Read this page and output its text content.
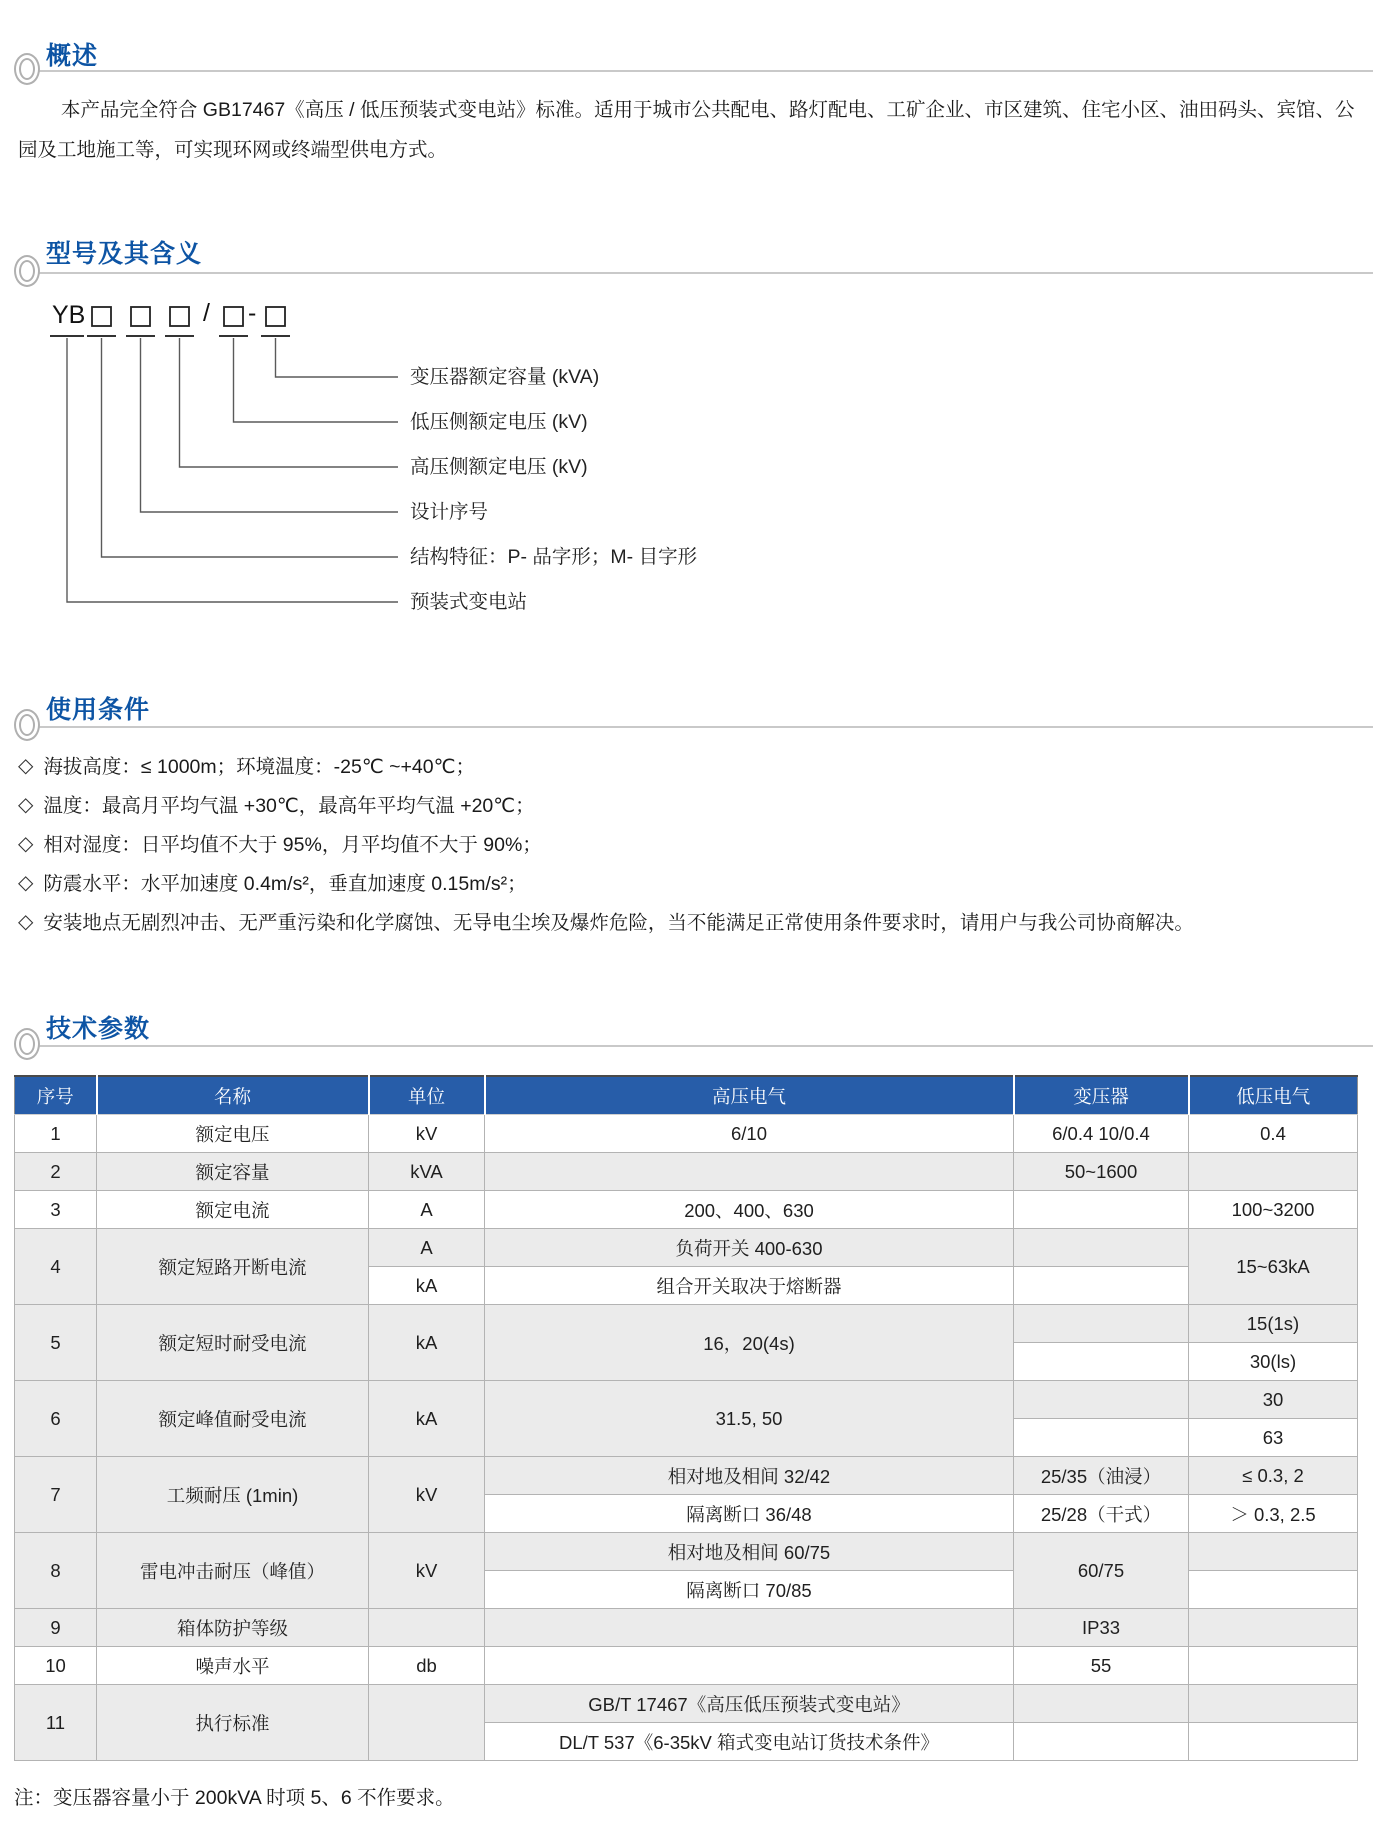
概述

本产品完全符合 GB17467《高压 / 低压预装式变电站》标准。适用于城市公共配电、路灯配电、工矿企业、市区建筑、住宅小区、油田码头、宾馆、公园及工地施工等，可实现环网或终端型供电方式。

型号及其含义
YB	/ -
变压器额定容量 (kVA)
低压侧额定电压 (kV)
高压侧额定电压 (kV)
设计序号
结构特征：P- 品字形；M- 目字形
预装式变电站
使用条件
◇ 海拔高度：≤ 1000m；环境温度：-25℃ ~+40℃；
◇ 温度：最高月平均气温 +30℃，最高年平均气温 +20℃；
◇ 相对湿度：日平均值不大于 95%，月平均值不大于 90%；
◇ 防震水平：水平加速度 0.4m/s²，垂直加速度 0.15m/s²；
◇ 安装地点无剧烈冲击、无严重污染和化学腐蚀、无导电尘埃及爆炸危险，当不能满足正常使用条件要求时，请用户与我公司协商解决。
技术参数
序号	名称	单位	高压电气	变压器	低压电气
1	额定电压	kV	6/10	6/0.4 10/0.4	0.4
2	额定容量	kVA		50~1600	
3	额定电流	A	200、400、630		100~3200
4	额定短路开断电流	A	负荷开关 400-630		15~63kA
		kA	组合开关取决于熔断器		
5	额定短时耐受电流	kA	16，20(4s)		15(1s)
					30(ls)
6	额定峰值耐受电流	kA	31.5, 50		30
					63
7	工频耐压 (1min)	kV	相对地及相间 32/42	25/35（油浸）	≤ 0.3, 2
			隔离断口 36/48	25/28（干式）	＞ 0.3, 2.5
8	雷电冲击耐压（峰值）	kV	相对地及相间 60/75	60/75	
			隔离断口 70/85		
9	箱体防护等级			IP33	
10	噪声水平	db		55	
11	执行标准		GB/T 17467《高压低压预装式变电站》		
			DL/T 537《6-35kV 箱式变电站订货技术条件》		

注：变压器容量小于 200kVA 时项 5、6 不作要求。
